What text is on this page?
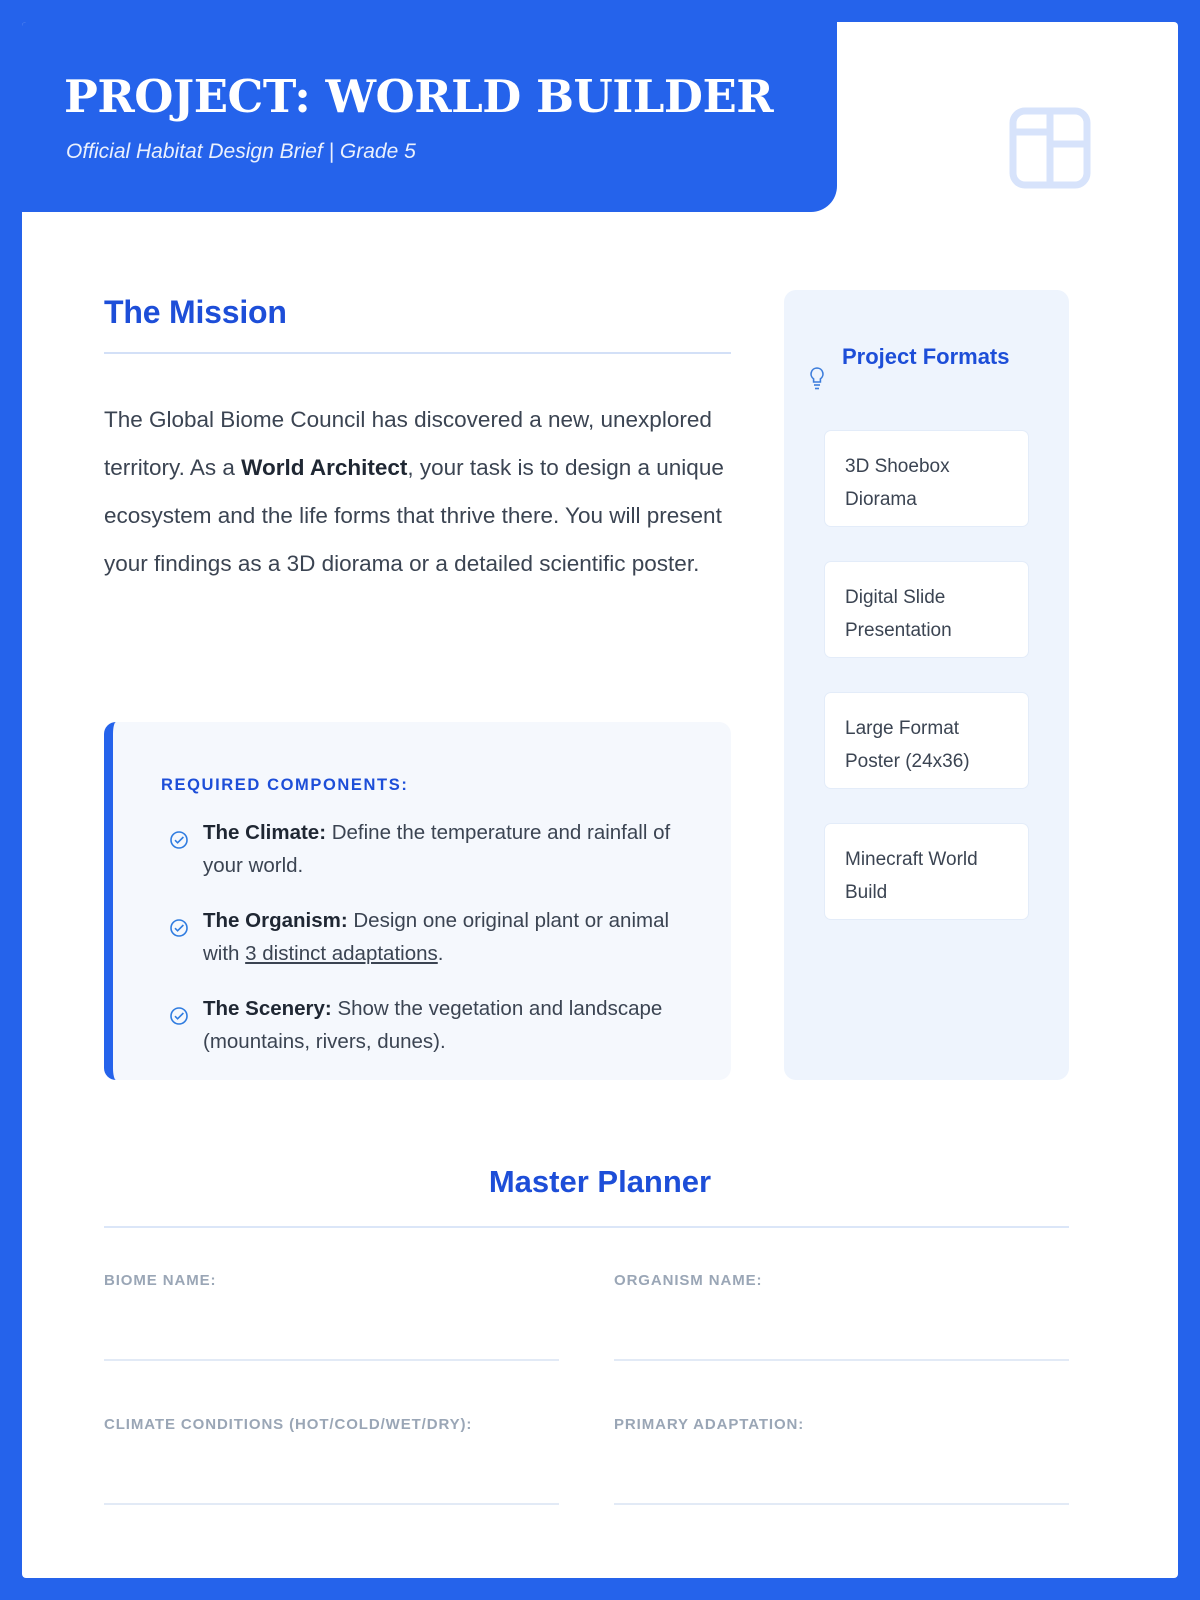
PROJECT: WORLD BUILDER
Official Habitat Design Brief | Grade 5
The Mission
The Global Biome Council has discovered a new, unexplored territory. As a World Architect, your task is to design a unique ecosystem and the life forms that thrive there. You will present your findings as a 3D diorama or a detailed scientific poster.
REQUIRED COMPONENTS:
The Climate: Define the temperature and rainfall of your world.
The Organism: Design one original plant or animal with 3 distinct adaptations.
The Scenery: Show the vegetation and landscape (mountains, rivers, dunes).
Project Formats
3D Shoebox Diorama
Digital Slide Presentation
Large Format Poster (24x36)
Minecraft World Build
Master Planner
BIOME NAME:	ORGANISM NAME:
CLIMATE CONDITIONS (HOT/COLD/WET/DRY):	PRIMARY ADAPTATION:
